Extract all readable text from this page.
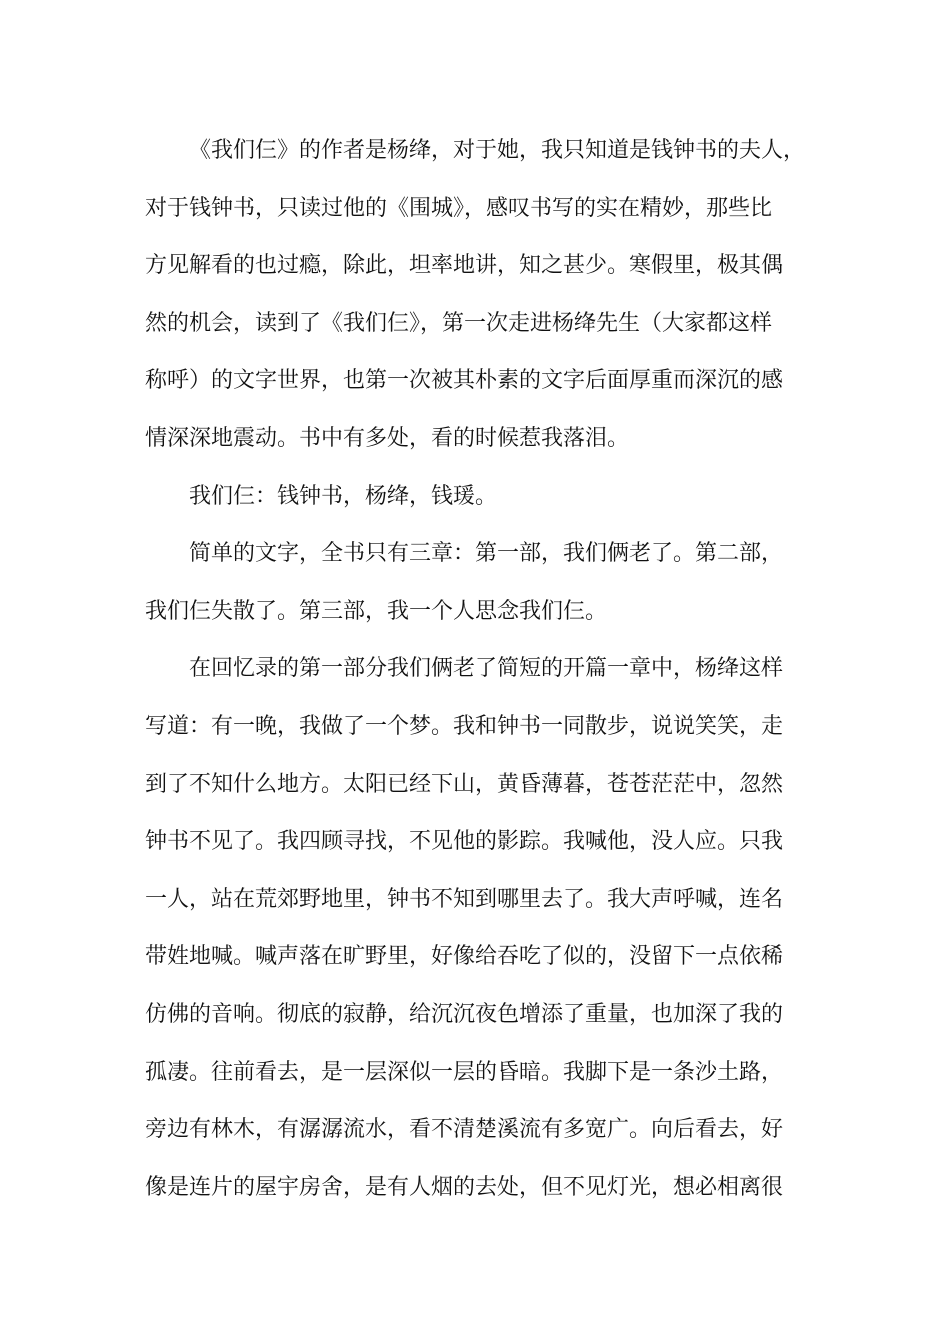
《我们仨》的作者是杨绛，对于她，我只知道是钱钟书的夫人，
对于钱钟书，只读过他的《围城》，感叹书写的实在精妙，那些比
方见解看的也过瘾，除此，坦率地讲，知之甚少。寒假里，极其偶
然的机会，读到了《我们仨》，第一次走进杨绛先生（大家都这样
称呼）的文字世界，也第一次被其朴素的文字后面厚重而深沉的感
情深深地震动。书中有多处，看的时候惹我落泪。
我们仨：钱钟书，杨绛，钱瑗。
简单的文字，全书只有三章：第一部，我们俩老了。第二部，
我们仨失散了。第三部，我一个人思念我们仨。
在回忆录的第一部分我们俩老了简短的开篇一章中，杨绛这样
写道：有一晚，我做了一个梦。我和钟书一同散步，说说笑笑，走
到了不知什么地方。太阳已经下山，黄昏薄暮，苍苍茫茫中，忽然
钟书不见了。我四顾寻找，不见他的影踪。我喊他，没人应。只我
一人，站在荒郊野地里，钟书不知到哪里去了。我大声呼喊，连名
带姓地喊。喊声落在旷野里，好像给吞吃了似的，没留下一点依稀
仿佛的音响。彻底的寂静，给沉沉夜色增添了重量，也加深了我的
孤凄。往前看去，是一层深似一层的昏暗。我脚下是一条沙土路，
旁边有林木，有潺潺流水，看不清楚溪流有多宽广。向后看去，好
像是连片的屋宇房舍，是有人烟的去处，但不见灯光，想必相离很
